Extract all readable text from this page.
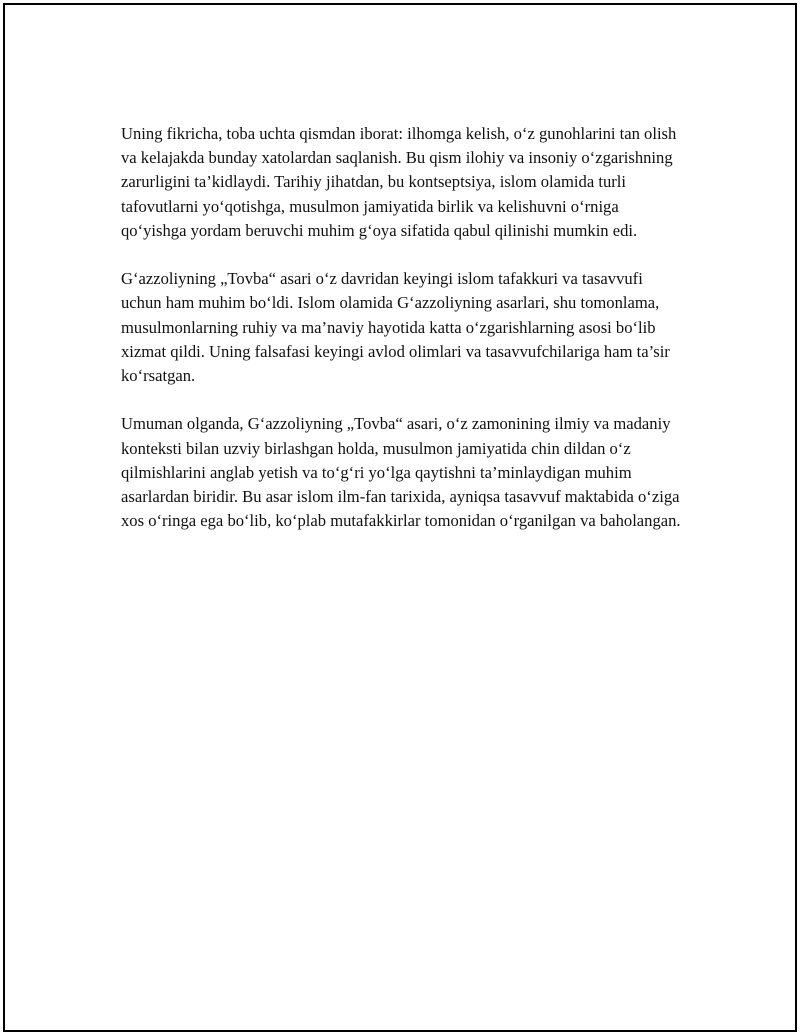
Uning fikricha, toba uchta qismdan iborat: ilhomga kelish, o‘z gunohlarini tan olish va kelajakda bunday xatolardan saqlanish. Bu qism ilohiy va insoniy o‘zgarishning zarurligini ta’kidlaydi. Tarihiy jihatdan, bu kontseptsiya, islom olamida turli tafovutlarni yo‘qotishga, musulmon jamiyatida birlik va kelishuvni o‘rniga qo‘yishga yordam beruvchi muhim g‘oya sifatida qabul qilinishi mumkin edi.

G‘azzoliyning „Tovba“ asari o‘z davridan keyingi islom tafakkuri va tasavvufi uchun ham muhim bo‘ldi. Islom olamida G‘azzoliyning asarlari, shu tomonlama, musulmonlarning ruhiy va ma’naviy hayotida katta o‘zgarishlarning asosi bo‘lib xizmat qildi. Uning falsafasi keyingi avlod olimlari va tasavvufchilariga ham ta’sir ko‘rsatgan.

Umuman olganda, G‘azzoliyning „Tovba“ asari, o‘z zamonining ilmiy va madaniy konteksti bilan uzviy birlashgan holda, musulmon jamiyatida chin dildan o‘z qilmishlarini anglab yetish va to‘g‘ri yo‘lga qaytishni ta’minlaydigan muhim asarlardan biridir. Bu asar islom ilm-fan tarixida, ayniqsa tasavvuf maktabida o‘ziga xos o‘ringa ega bo‘lib, ko‘plab mutafakkirlar tomonidan o‘rganilgan va baholangan.
